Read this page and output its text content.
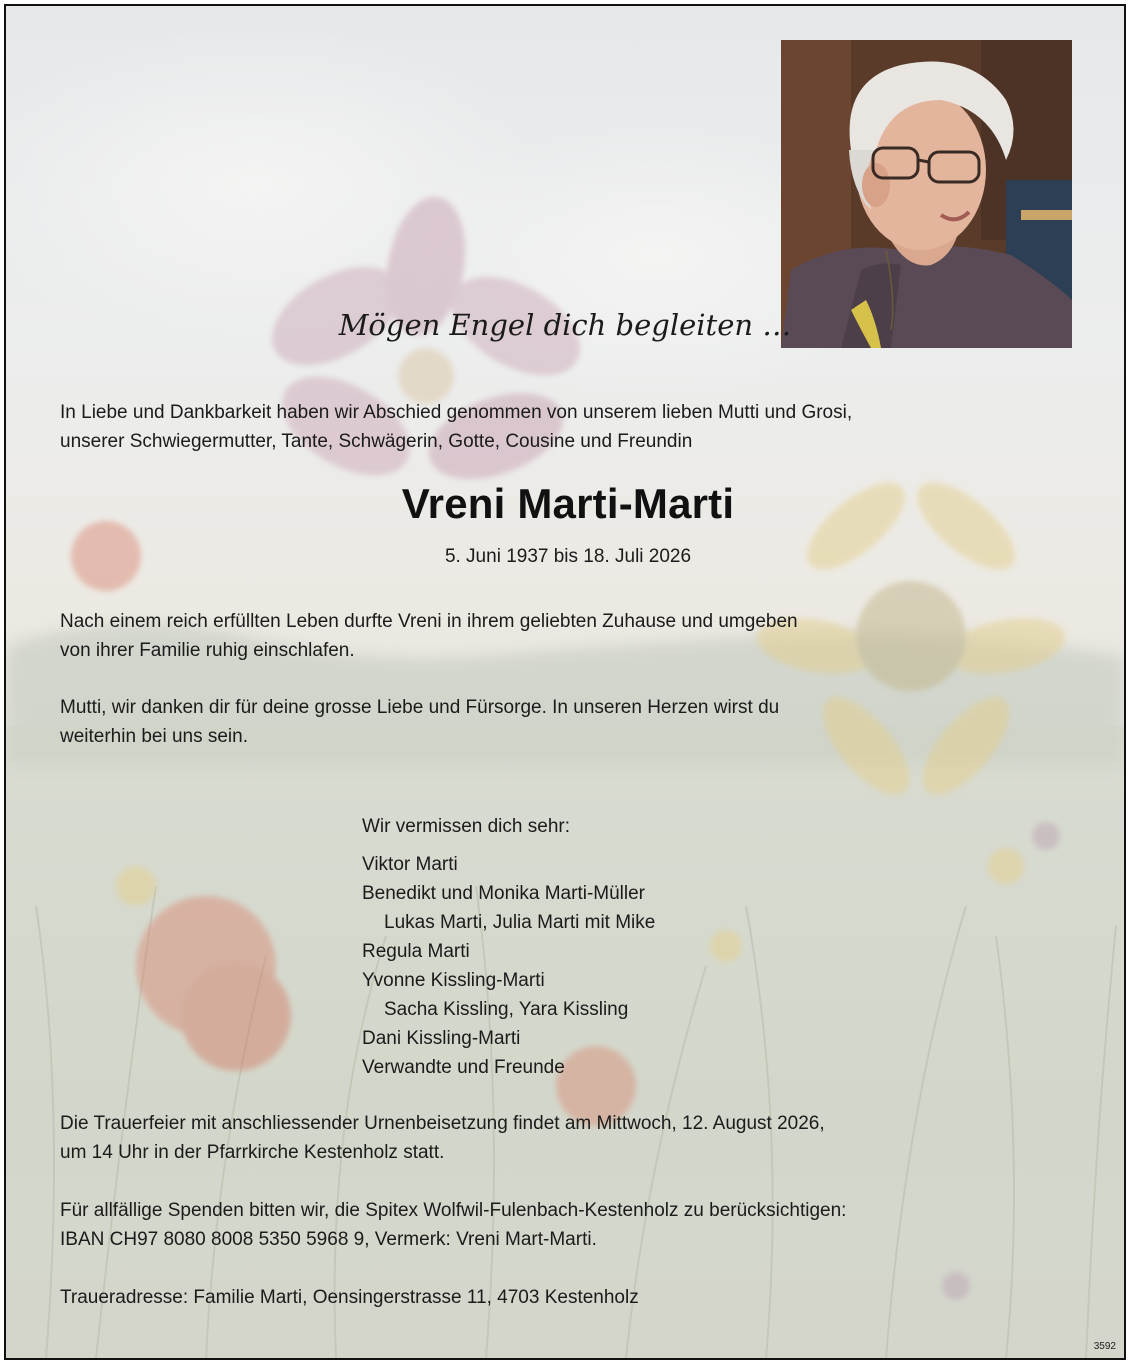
Mögen Engel dich begleiten …
In Liebe und Dankbarkeit haben wir Abschied genommen von unserem lieben Mutti und Grosi,
unserer Schwiegermutter, Tante, Schwägerin, Gotte, Cousine und Freundin
Vreni Marti-Marti
5. Juni 1937 bis 18. Juli 2026
Nach einem reich erfüllten Leben durfte Vreni in ihrem geliebten Zuhause und umgeben
von ihrer Familie ruhig einschlafen.
Mutti, wir danken dir für deine grosse Liebe und Fürsorge. In unseren Herzen wirst du
weiterhin bei uns sein.
Wir vermissen dich sehr:
Viktor Marti
Benedikt und Monika Marti-Müller
Lukas Marti, Julia Marti mit Mike
Regula Marti
Yvonne Kissling-Marti
Sacha Kissling, Yara Kissling
Dani Kissling-Marti
Verwandte und Freunde
Die Trauerfeier mit anschliessender Urnenbeisetzung findet am Mittwoch, 12. August 2026,
um 14 Uhr in der Pfarrkirche Kestenholz statt.
Für allfällige Spenden bitten wir, die Spitex Wolfwil-Fulenbach-Kestenholz zu berücksichtigen:
IBAN CH97 8080 8008 5350 5968 9, Vermerk: Vreni Mart-Marti.
Traueradresse: Familie Marti, Oensingerstrasse 11, 4703 Kestenholz
3592
